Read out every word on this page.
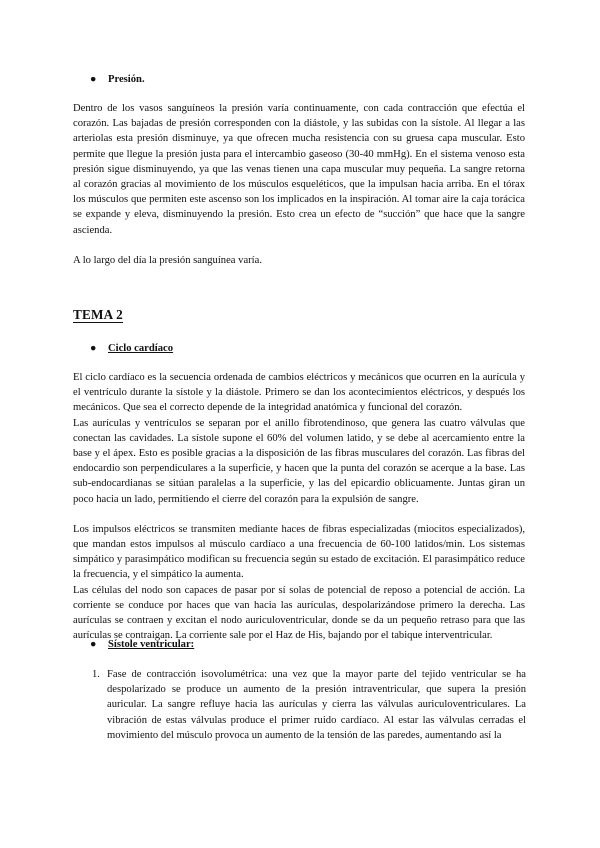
● Presión.

Dentro de los vasos sanguíneos la presión varía continuamente, con cada contracción que efectúa el corazón. Las bajadas de presión corresponden con la diástole, y las subidas con la sístole. Al llegar a las arteriolas esta presión disminuye, ya que ofrecen mucha resistencia con su gruesa capa muscular. Esto permite que llegue la presión justa para el intercambio gaseoso (30-40 mmHg). En el sistema venoso esta presión sigue disminuyendo, ya que las venas tienen una capa muscular muy pequeña. La sangre retorna al corazón gracias al movimiento de los músculos esqueléticos, que la impulsan hacia arriba. En el tórax los músculos que permiten este ascenso son los implicados en la inspiración. Al tomar aire la caja torácica se expande y eleva, disminuyendo la presión. Esto crea un efecto de “succión” que hace que la sangre ascienda.

A lo largo del día la presión sanguínea varía.

TEMA 2
● Ciclo cardíaco

El ciclo cardíaco es la secuencia ordenada de cambios eléctricos y mecánicos que ocurren en la aurícula y el ventrículo durante la sístole y la diástole. Primero se dan los acontecimientos eléctricos, y después los mecánicos. Que sea el correcto depende de la integridad anatómica y funcional del corazón.

Las aurículas y ventrículos se separan por el anillo fibrotendinoso, que genera las cuatro válvulas que conectan las cavidades. La sístole supone el 60% del volumen latido, y se debe al acercamiento entre la base y el ápex. Esto es posible gracias a la disposición de las fibras musculares del corazón. Las fibras del endocardio son perpendiculares a la superficie, y hacen que la punta del corazón se acerque a la base. Las sub-endocardianas se sitúan paralelas a la superficie, y las del epicardio oblicuamente. Juntas giran un poco hacia un lado, permitiendo el cierre del corazón para la expulsión de sangre.

Los impulsos eléctricos se transmiten mediante haces de fibras especializadas (miocitos especializados), que mandan estos impulsos al músculo cardíaco a una frecuencia de 60-100 latidos/min. Los sistemas simpático y parasimpático modifican su frecuencia según su estado de excitación. El parasimpático reduce la frecuencia, y el simpático la aumenta.

Las células del nodo son capaces de pasar por sí solas de potencial de reposo a potencial de acción. La corriente se conduce por haces que van hacia las aurículas, despolarizándose primero la derecha. Las aurículas se contraen y excitan el nodo auriculoventricular, donde se da un pequeño retraso para que las aurículas se contraigan. La corriente sale por el Haz de His, bajando por el tabique interventricular.

● Sístole ventricular:
1. Fase de contracción isovolumétrica: una vez que la mayor parte del tejido ventricular se ha despolarizado se produce un aumento de la presión intraventricular, que supera la presión auricular. La sangre refluye hacia las aurículas y cierra las válvulas auriculoventriculares. La vibración de estas válvulas produce el primer ruido cardíaco. Al estar las válvulas cerradas el movimiento del músculo provoca un aumento de la tensión de las paredes, aumentando así la
